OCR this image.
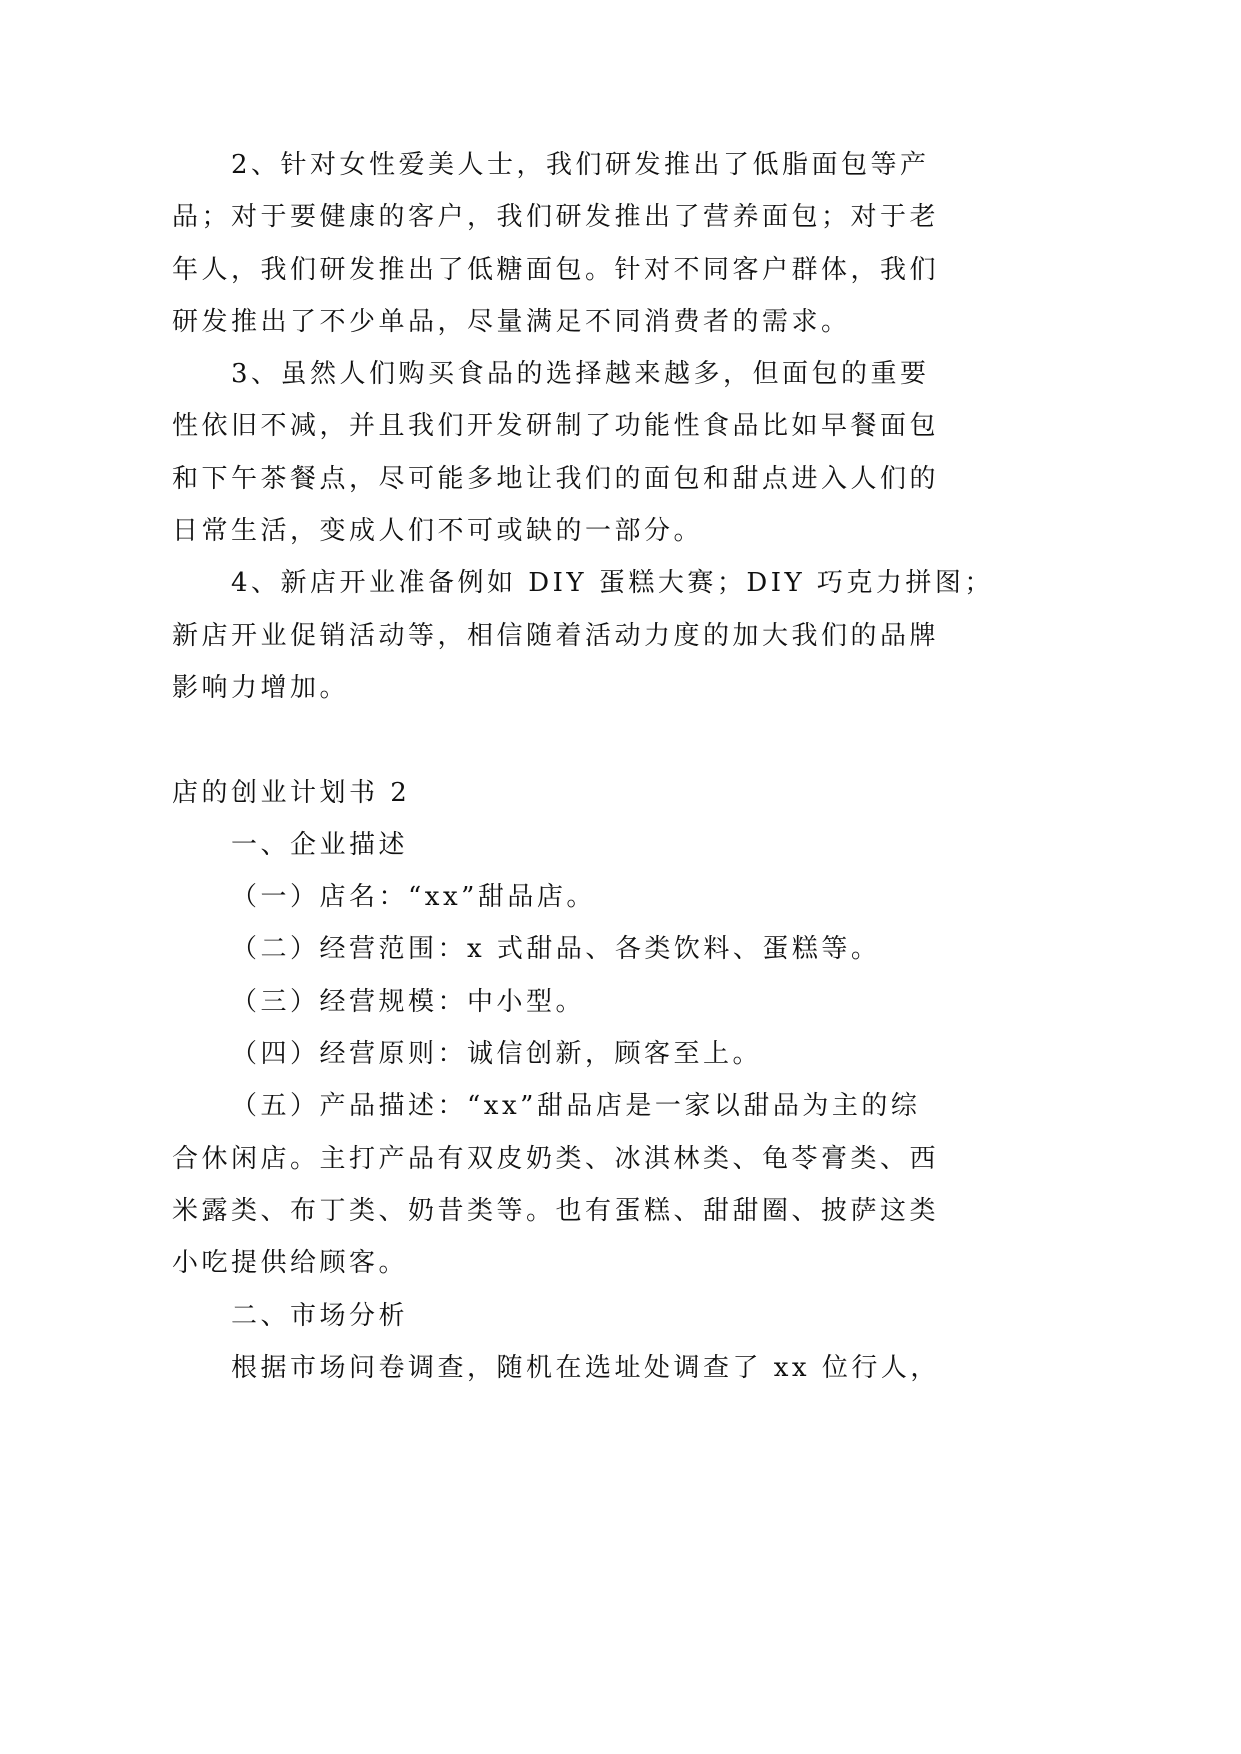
2、针对女性爱美人士，我们研发推出了低脂面包等产
品；对于要健康的客户，我们研发推出了营养面包；对于老
年人，我们研发推出了低糖面包。针对不同客户群体，我们
研发推出了不少单品，尽量满足不同消费者的需求。
3、虽然人们购买食品的选择越来越多，但面包的重要
性依旧不减，并且我们开发研制了功能性食品比如早餐面包
和下午茶餐点，尽可能多地让我们的面包和甜点进入人们的
日常生活，变成人们不可或缺的一部分。
4、新店开业准备例如 DIY 蛋糕大赛；DIY 巧克力拼图；
新店开业促销活动等，相信随着活动力度的加大我们的品牌
影响力增加。
店的创业计划书 2
一、企业描述
（一）店名：“xx”甜品店。
（二）经营范围：x 式甜品、各类饮料、蛋糕等。
（三）经营规模：中小型。
（四）经营原则：诚信创新，顾客至上。
（五）产品描述：“xx”甜品店是一家以甜品为主的综
合休闲店。主打产品有双皮奶类、冰淇林类、龟苓膏类、西
米露类、布丁类、奶昔类等。也有蛋糕、甜甜圈、披萨这类
小吃提供给顾客。
二、市场分析
根据市场问卷调查，随机在选址处调查了 xx 位行人，
